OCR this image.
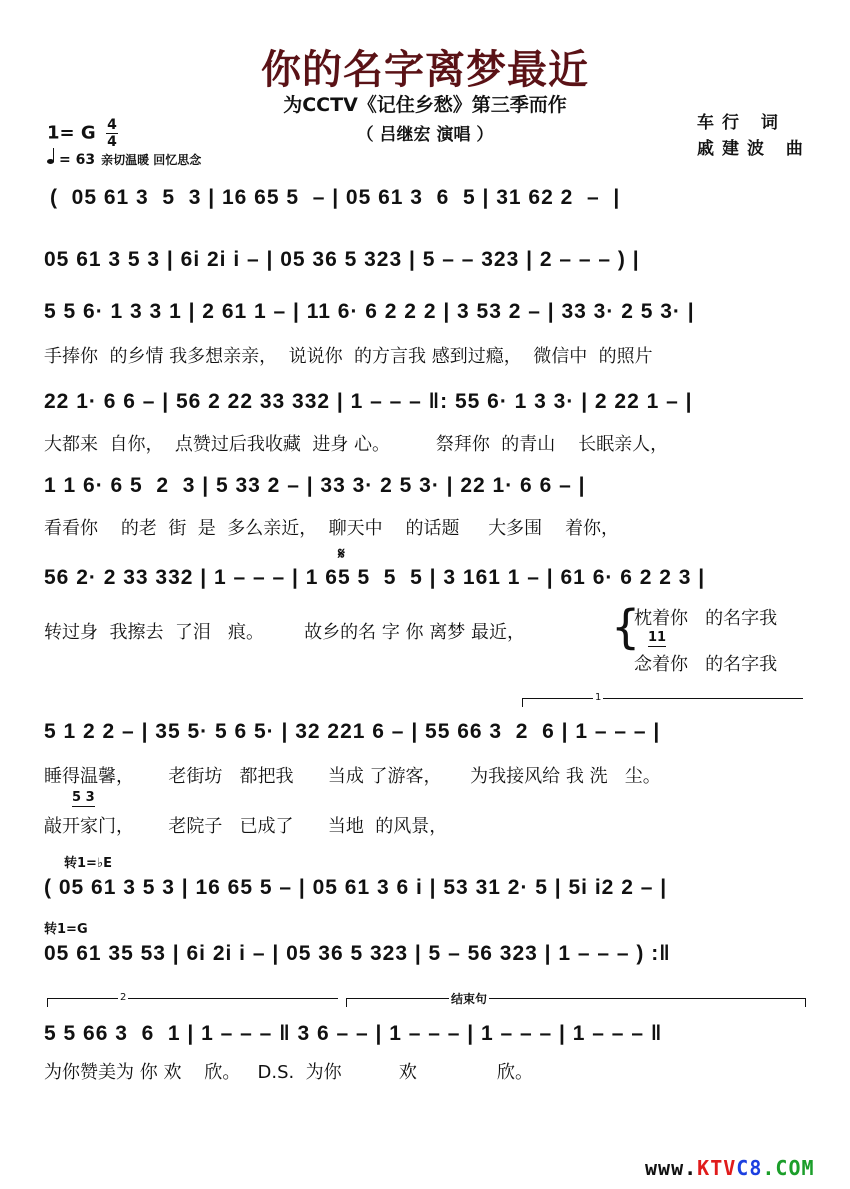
你的名字离梦最近
为CCTV《记住乡愁》第三季而作
（ 吕继宏 演唱 ）
车行 词
戚建波 曲
1= G $\frac{4}{4}$
= 63 亲切温暖 回忆思念
(  05 61 3  5  3 | 16 65 5  – | 05 61 3  6  5 | 31 62 2  –  |
05 61 3 5 3 | 6i 2i i – | 05 36 5 323 | 5 – – 323 | 2 – – – ) |
5 5 6· 1 3 3 1 | 2 61 1 – | 11 6· 6 2 2 2 | 3 53 2 – | 33 3· 2 5 3· |
手捧你  的乡情 我多想亲亲，  说说你  的方言我 感到过瘾，  微信中  的照片
22 1· 6 6 – | 56 2 22 33 332 | 1 – – – ‖: 55 6· 1 3 3· | 2 22 1 – |
大都来  自你，  点赞过后我收藏  进身 心。        祭拜你  的青山    长眠亲人，
1 1 6· 6 5  2  3 | 5 33 2 – | 33 3· 2 5 3· | 22 1· 6 6 – |
看看你    的老  街  是  多么亲近，  聊天中    的话题     大多围    着你，
𝄋
56 2· 2 33 332 | 1 – – – | 1 65 5  5  5 | 3 161 1 – | 61 6· 6 2 2 3 |
转过身  我擦去  了泪   痕。       故乡的名 字 你 离梦 最近， {
枕着你   的名字我
11
念着你   的名字我
1
5 1 2 2 – | 35 5· 5 6 5· | 32 221 6 – | 55 66 3  2  6 | 1 – – – |
睡得温馨，      老街坊   都把我      当成 了游客，     为我接风给 我 洗   尘。
5 3
敲开家门，      老院子   已成了      当地  的风景，
转1=♭E
( 05 61 3 5 3 | 16 65 5 – | 05 61 3 6 i | 53 31 2· 5 | 5i i2 2 – |
转1=G
05 61 35 53 | 6i 2i i – | 05 36 5 323 | 5 – 56 323 | 1 – – – ) :‖
2	结束句
5 5 66 3  6  1 | 1 – – – ‖ 3 6 – – | 1 – – – | 1 – – – | 1 – – – ‖
为你赞美为 你 欢    欣。   D.S.  为你          欢              欣。
www.KTVC8.COM
